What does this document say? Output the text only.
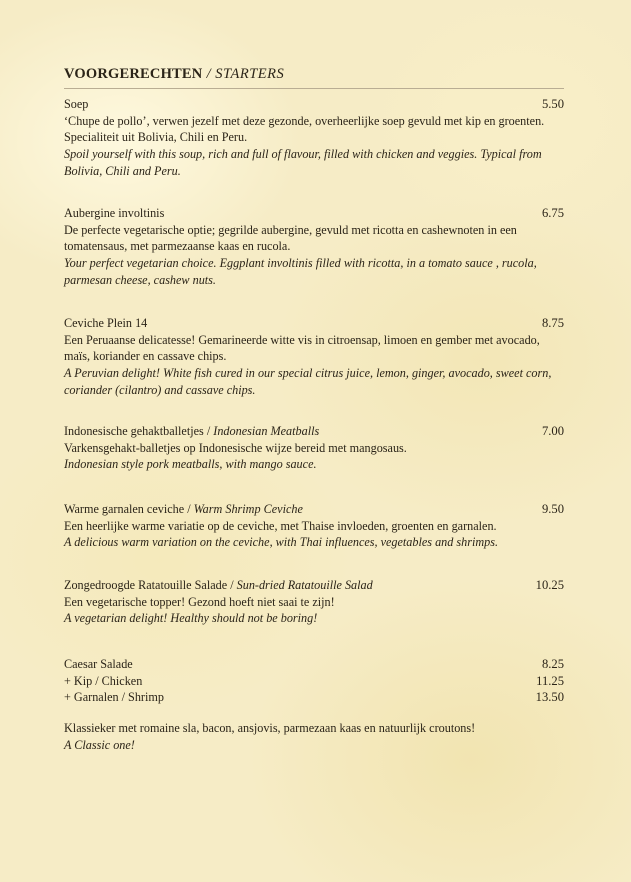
VOORGERECHTEN / STARTERS
Soep	5.50

‘Chupe de pollo’, verwen jezelf met deze gezonde, overheerlijke soep gevuld met kip en groenten. Specialiteit uit Bolivia, Chili en Peru.

Spoil yourself with this soup, rich and full of flavour, filled with chicken and veggies. Typical from Bolivia, Chili and Peru.

Aubergine involtinis	6.75

De perfecte vegetarische optie; gegrilde aubergine, gevuld met ricotta en cashewnoten in een tomatensaus, met parmezaanse kaas en rucola.

Your perfect vegetarian choice. Eggplant involtinis filled with ricotta, in a tomato sauce , rucola, parmesan cheese, cashew nuts.

Ceviche Plein 14	8.75

Een Peruaanse delicatesse! Gemarineerde witte vis in citroensap, limoen en gember met avocado, maïs, koriander en cassave chips.

A Peruvian delight! White fish cured in our special citrus juice, lemon, ginger, avocado, sweet corn, coriander (cilantro) and cassave chips.

Indonesische gehaktballetjes / Indonesian Meatballs	7.00

Varkensgehakt-balletjes op Indonesische wijze bereid met mangosaus.

Indonesian style pork meatballs, with mango sauce.

Warme garnalen ceviche / Warm Shrimp Ceviche	9.50

Een heerlijke warme variatie op de ceviche, met Thaise invloeden, groenten en garnalen.

A delicious warm variation on the ceviche, with Thai influences, vegetables and shrimps.

Zongedroogde Ratatouille Salade / Sun-dried Ratatouille Salad	10.25

Een vegetarische topper! Gezond hoeft niet saai te zijn!

A vegetarian delight! Healthy should not be boring!

Caesar Salade	8.25
+ Kip / Chicken	11.25
+ Garnalen / Shrimp	13.50

Klassieker met romaine sla, bacon, ansjovis, parmezaan kaas en natuurlijk croutons!

A Classic one!
